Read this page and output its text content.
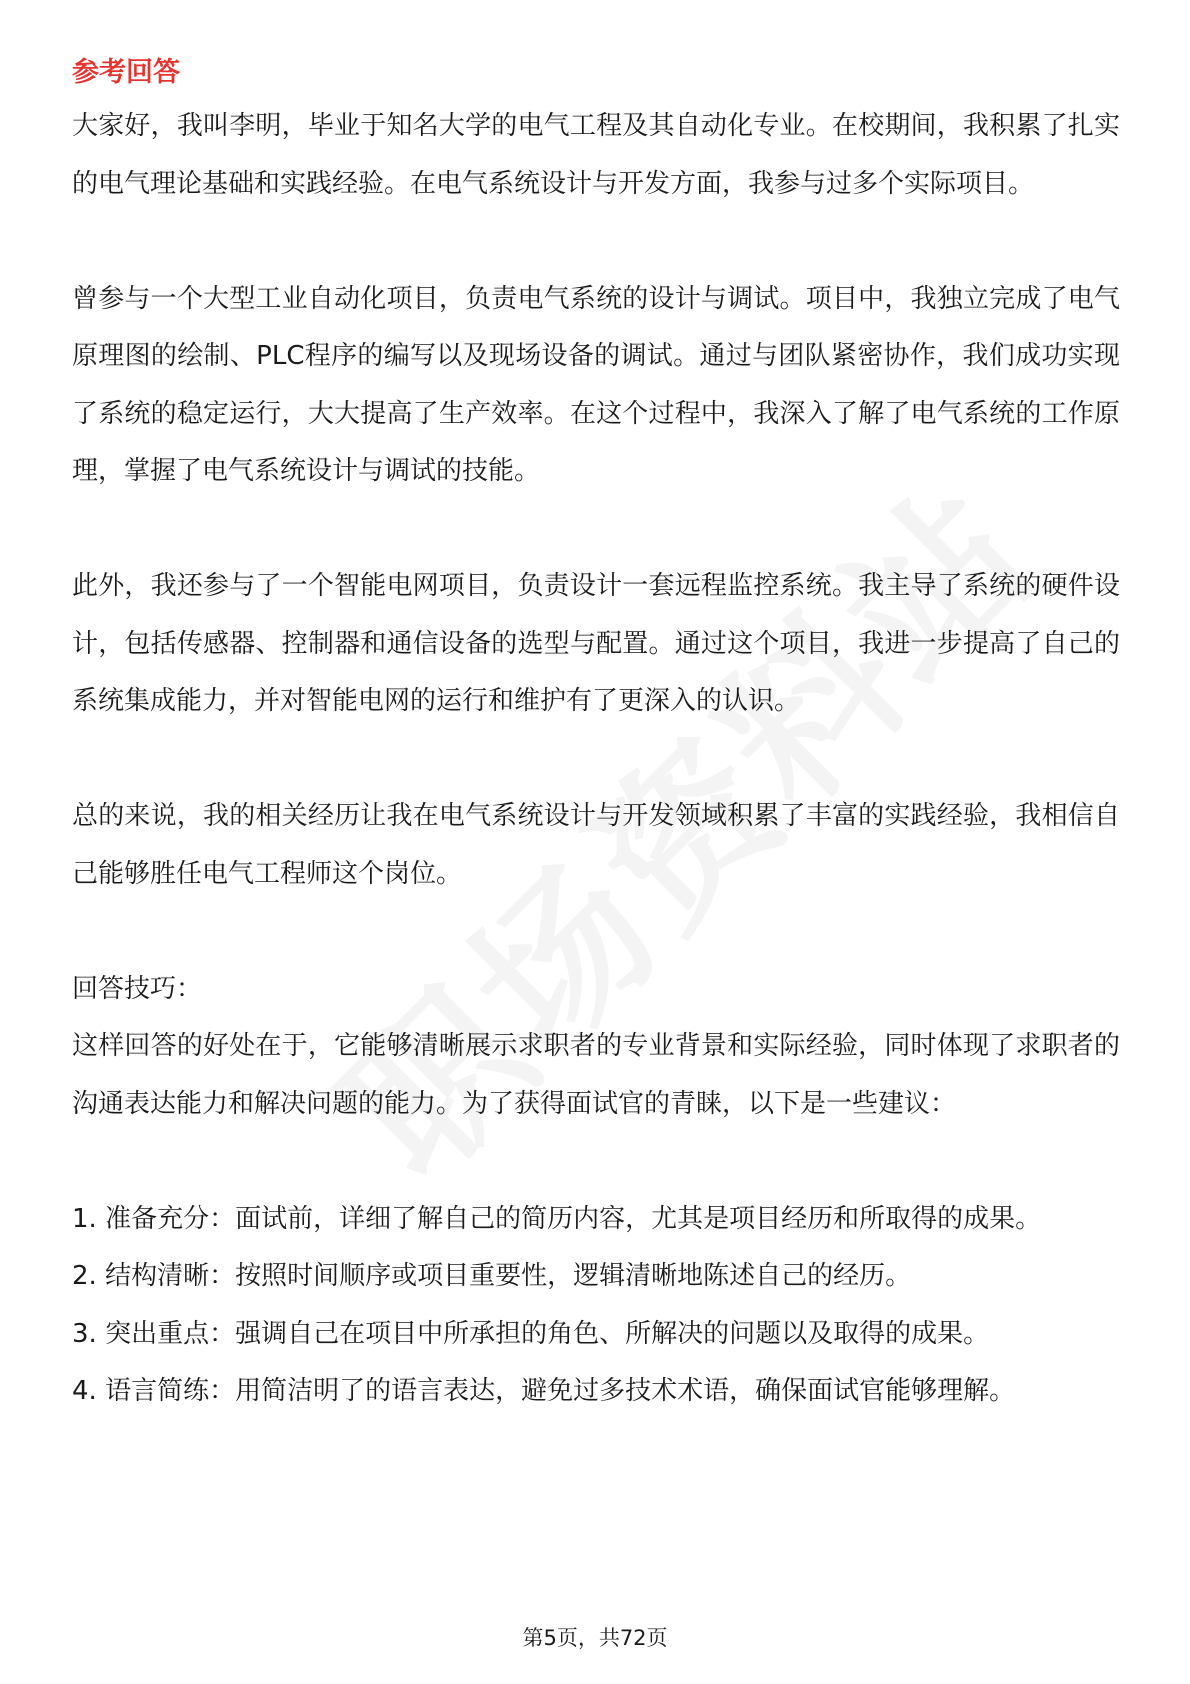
参考回答

大家好，我叫李明，毕业于知名大学的电气工程及其自动化专业。在校期间，我积累了扎实的电气理论基础和实践经验。在电气系统设计与开发方面，我参与过多个实际项目。

曾参与一个大型工业自动化项目，负责电气系统的设计与调试。项目中，我独立完成了电气原理图的绘制、PLC程序的编写以及现场设备的调试。通过与团队紧密协作，我们成功实现了系统的稳定运行，大大提高了生产效率。在这个过程中，我深入了解了电气系统的工作原理，掌握了电气系统设计与调试的技能。

此外，我还参与了一个智能电网项目，负责设计一套远程监控系统。我主导了系统的硬件设计，包括传感器、控制器和通信设备的选型与配置。通过这个项目，我进一步提高了自己的系统集成能力，并对智能电网的运行和维护有了更深入的认识。

总的来说，我的相关经历让我在电气系统设计与开发领域积累了丰富的实践经验，我相信自己能够胜任电气工程师这个岗位。

回答技巧：

这样回答的好处在于，它能够清晰展示求职者的专业背景和实际经验，同时体现了求职者的沟通表达能力和解决问题的能力。为了获得面试官的青睐，以下是一些建议：

1. 准备充分：面试前，详细了解自己的简历内容，尤其是项目经历和所取得的成果。

2. 结构清晰：按照时间顺序或项目重要性，逻辑清晰地陈述自己的经历。

3. 突出重点：强调自己在项目中所承担的角色、所解决的问题以及取得的成果。

4. 语言简练：用简洁明了的语言表达，避免过多技术术语，确保面试官能够理解。

第5页，共72页
